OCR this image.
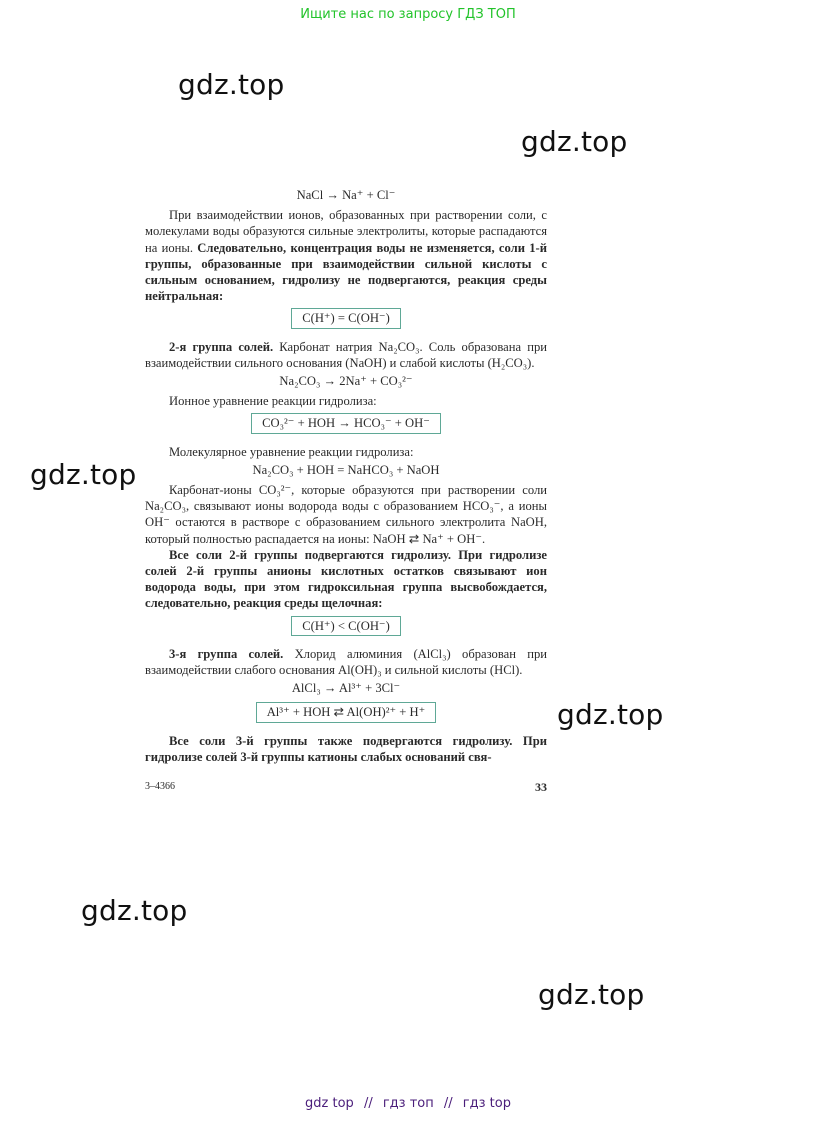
Ищите нас по запросу ГДЗ ТОП
gdz.top
gdz.top
gdz.top
gdz.top
gdz.top
gdz.top
NaCl → Na⁺ + Cl⁻

При взаимодействии ионов, образованных при растворении соли, с молекулами воды образуются сильные электролиты, которые распадаются на ионы. Следовательно, концентрация воды не изменяется, соли 1-й группы, образованные при взаимодействии сильной кислоты с сильным основанием, гидролизу не подвергаются, реакция среды нейтральная:

C(H⁺) = C(OH⁻)

2-я группа солей. Карбонат натрия Na₂CO₃. Соль образована при взаимодействии сильного основания (NaOH) и слабой кислоты (H₂CO₃).

Na₂CO₃ → 2Na⁺ + CO₃²⁻

Ионное уравнение реакции гидролиза:

CO₃²⁻ + HOH → HCO₃⁻ + OH⁻

Молекулярное уравнение реакции гидролиза:

Na₂CO₃ + HOH = NaHCO₃ + NaOH

Карбонат-ионы CO₃²⁻, которые образуются при растворении соли Na₂CO₃, связывают ионы водорода воды с образованием HCO₃⁻, а ионы OH⁻ остаются в растворе с образованием сильного электролита NaOH, который полностью распадается на ионы: NaOH ⇄ Na⁺ + OH⁻.

Все соли 2-й группы подвергаются гидролизу. При гидролизе солей 2-й группы анионы кислотных остатков связывают ион водорода воды, при этом гидроксильная группа высвобождается, следовательно, реакция среды щелочная:

C(H⁺) < C(OH⁻)

3-я группа солей. Хлорид алюминия (AlCl₃) образован при взаимодействии слабого основания Al(OH)₃ и сильной кислоты (HCl).

AlCl₃ → Al³⁺ + 3Cl⁻
Al³⁺ + HOH ⇄ Al(OH)²⁺ + H⁺

Все соли 3-й группы также подвергаются гидролизу. При гидролизе солей 3-й группы катионы слабых оснований свя-

3–4366	33
gdz top // гдз топ // гдз top
